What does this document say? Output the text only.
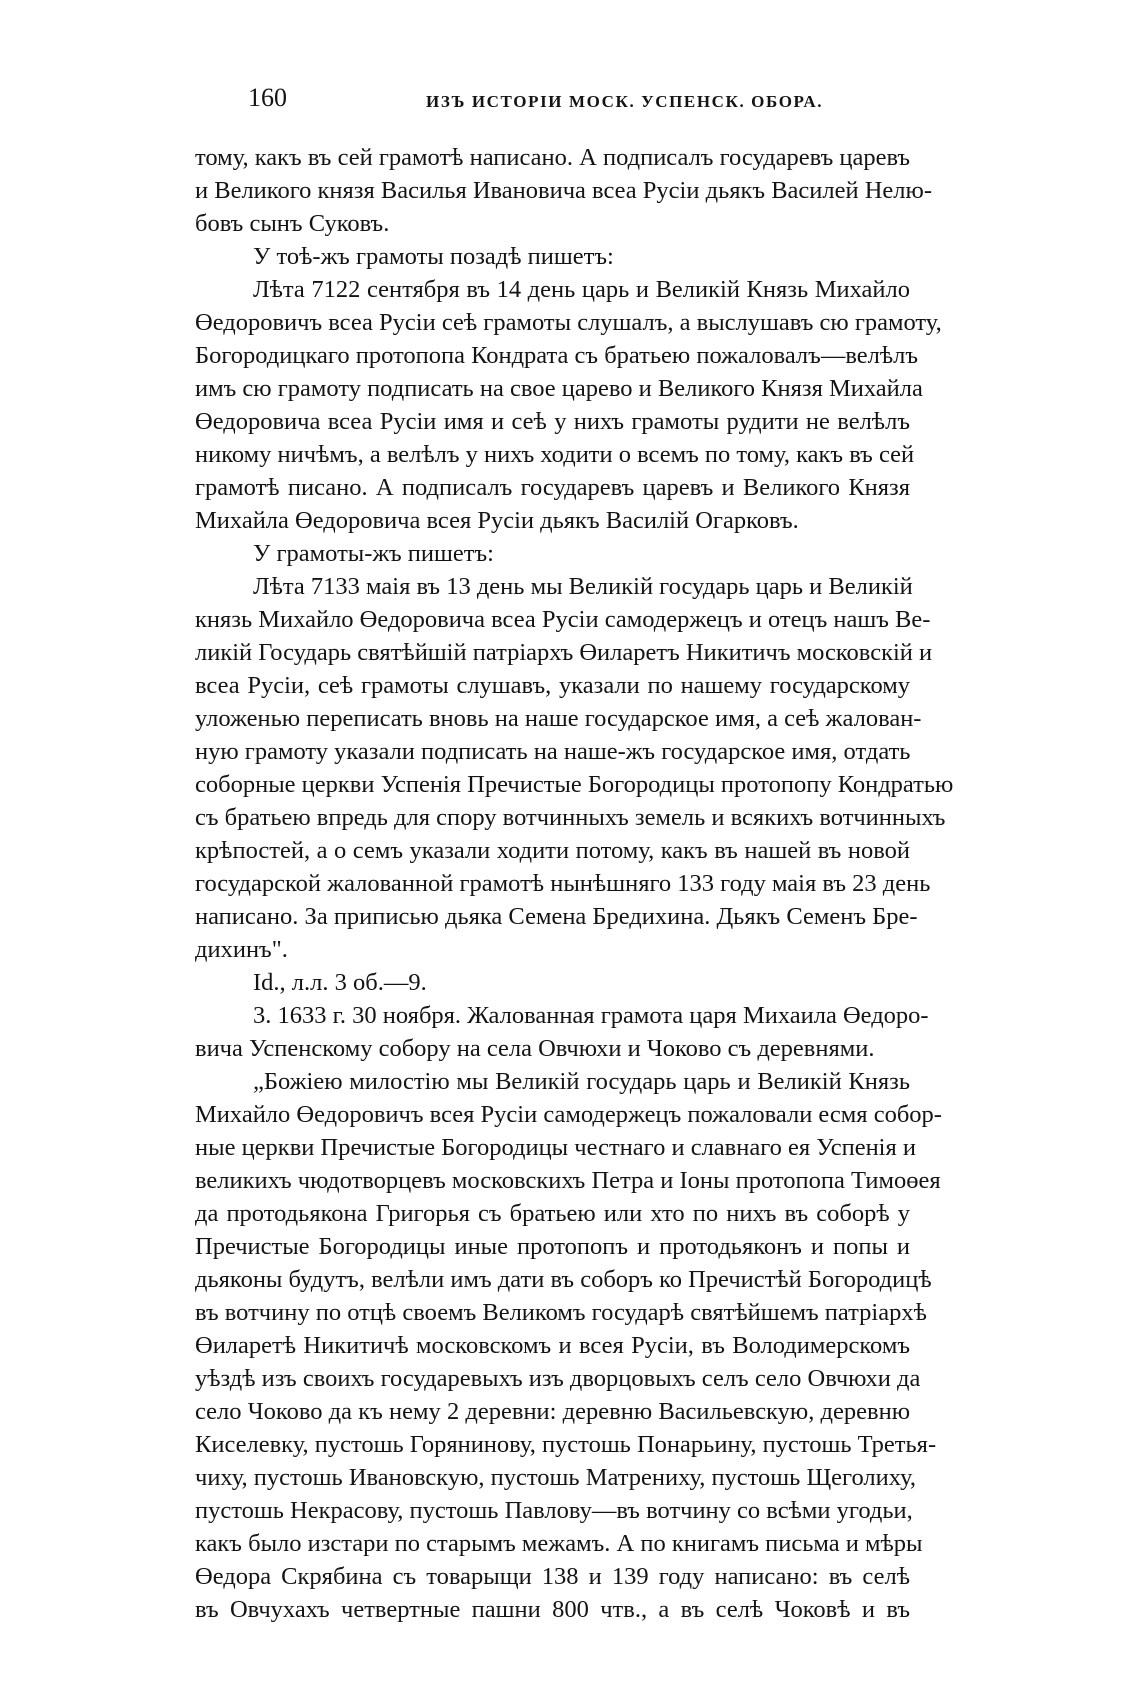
160	ИЗЪ ИСТОРІИ МОСК. УСПЕНСК. ОБОРА.
тому, какъ въ сей грамотѣ написано. А подписалъ государевъ царевъ
и Великого князя Василья Ивановича всеа Русіи дьякъ Василей Нелю-
бовъ сынъ Суковъ.
У тоѣ-жъ грамоты позадѣ пишетъ:
Лѣта 7122 сентября въ 14 день царь и Великій Князь Михайло
Өедоровичъ всеа Русіи сеѣ грамоты слушалъ, а выслушавъ сю грамоту,
Богородицкаго протопопа Кондрата съ братьею пожаловалъ—велѣлъ
имъ сю грамоту подписать на свое царево и Великого Князя Михайла
Өедоровича всеа Русіи имя и сеѣ у нихъ грамоты рудити не велѣлъ
никому ничѣмъ, а велѣлъ у нихъ ходити о всемъ по тому, какъ въ сей
грамотѣ писано. А подписалъ государевъ царевъ и Великого Князя
Михайла Өедоровича всея Русіи дьякъ Василій Огарковъ.
У грамоты-жъ пишетъ:
Лѣта 7133 маія въ 13 день мы Великій государь царь и Великій
князь Михайло Өедоровича всеа Русіи самодержецъ и отецъ нашъ Ве-
ликій Государь святѣйшій патріархъ Өиларетъ Никитичъ московскій и
всеа Русіи, сеѣ грамоты слушавъ, указали по нашему государскому
уложенью переписать вновь на наше государское имя, а сеѣ жалован-
ную грамоту указали подписать на наше-жъ государское имя, отдать
соборные церкви Успенія Пречистые Богородицы протопопу Кондратью
съ братьею впредь для спору вотчинныхъ земель и всякихъ вотчинныхъ
крѣпостей, а о семъ указали ходити потому, какъ въ нашей въ новой
государской жалованной грамотѣ нынѣшняго 133 году маія въ 23 день
написано. За приписью дьяка Семена Бредихина. Дьякъ Семенъ Бре-
дихинъ".
Id., л.л. 3 об.—9.
3. 1633 г. 30 ноября. Жалованная грамота царя Михаила Өедоро-
вича Успенскому собору на села Овчюхи и Чоково съ деревнями.
„Божіею милостію мы Великій государь царь и Великій Князь
Михайло Өедоровичъ всея Русіи самодержецъ пожаловали есмя собор-
ные церкви Пречистые Богородицы честнаго и славнаго ея Успенія и
великихъ чюдотворцевъ московскихъ Петра и Іоны протопопа Тимоөея
да протодьякона Григорья съ братьею или хто по нихъ въ соборѣ у
Пречистые Богородицы иные протопопъ и протодьяконъ и попы и
дьяконы будутъ, велѣли имъ дати въ соборъ ко Пречистѣй Богородицѣ
въ вотчину по отцѣ своемъ Великомъ государѣ святѣйшемъ патріархѣ
Өиларетѣ Никитичѣ московскомъ и всея Русіи, въ Володимерскомъ
уѣздѣ изъ своихъ государевыхъ изъ дворцовыхъ селъ село Овчюхи да
село Чоково да къ нему 2 деревни: деревню Васильевскую, деревню
Киселевку, пустошь Горянинову, пустошь Понарьину, пустошь Третья-
чиху, пустошь Ивановскую, пустошь Матрениху, пустошь Щеголиху,
пустошь Некрасову, пустошь Павлову—въ вотчину со всѣми угодьи,
какъ было изстари по старымъ межамъ. А по книгамъ письма и мѣры
Өедора Скрябина съ товарыщи 138 и 139 году написано: въ селѣ
въ Овчухахъ четвертные пашни 800 чтв., а въ селѣ Чоковѣ и въ
